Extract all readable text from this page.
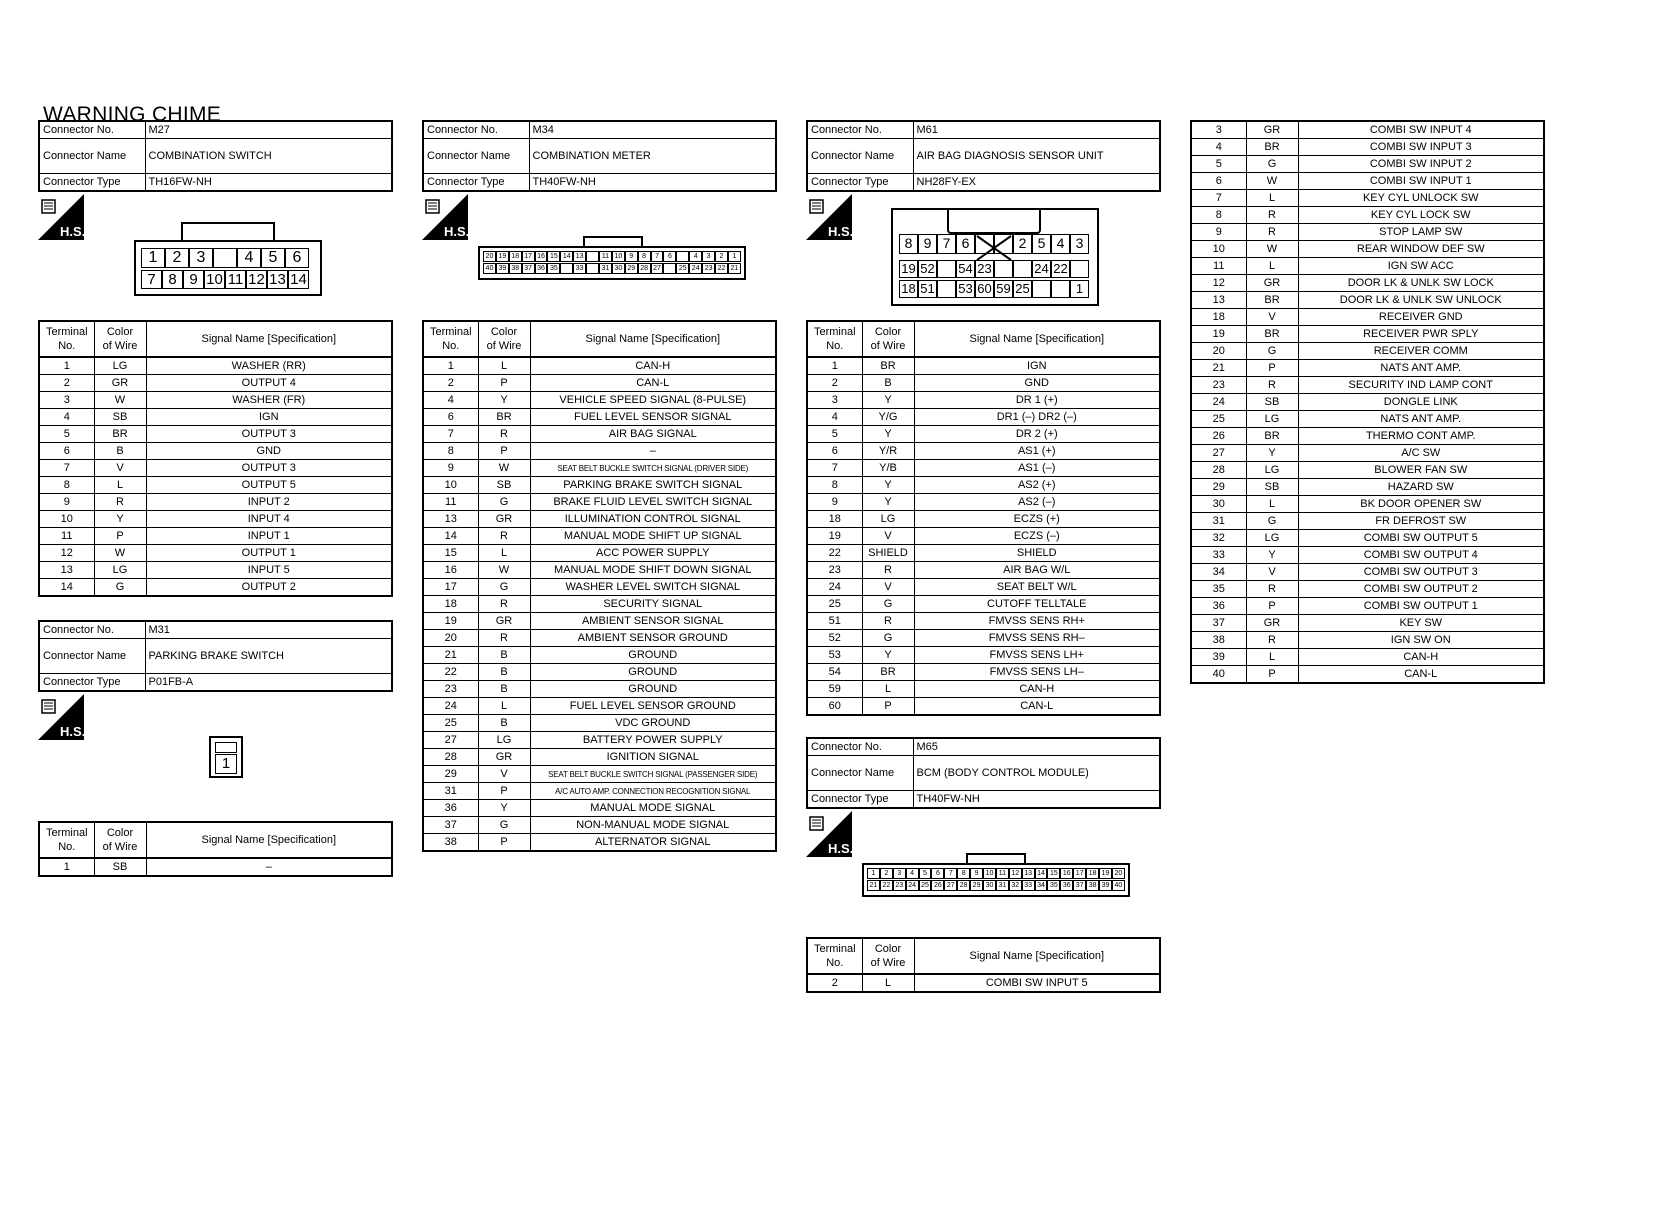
WARNING CHIME
Connector No.	M27
Connector Name	COMBINATION SWITCH
Connector Type	TH16FW-NH
H.S.
1 2 3	4 5 6
7 8 9 10 11 12 13 14
Terminal
No.	Color
of Wire	Signal Name [Specification]
1	LG	WASHER (RR)
2	GR	OUTPUT 4
3	W	WASHER (FR)
4	SB	IGN
5	BR	OUTPUT 3
6	B	GND
7	V	OUTPUT 3
8	L	OUTPUT 5
9	R	INPUT 2
10	Y	INPUT 4
11	P	INPUT 1
12	W	OUTPUT 1
13	LG	INPUT 5
14	G	OUTPUT 2
Connector No.	M31
Connector Name	PARKING BRAKE SWITCH
Connector Type	P01FB-A
H.S.
1
Terminal
No.	Color
of Wire	Signal Name [Specification]
1	SB	–
Connector No.	M34
Connector Name	COMBINATION METER
Connector Type	TH40FW-NH
H.S.
20 19 18 17 16 15 14 13	11 10	9	8	7	6	4	3	2	1
40 39 38 37 36 35	33	31 30 29 28 27	25 24 23 22 21
Terminal
No.	Color
of Wire	Signal Name [Specification]
1	L	CAN-H
2	P	CAN-L
4	Y	VEHICLE SPEED SIGNAL (8-PULSE)
6	BR	FUEL LEVEL SENSOR SIGNAL
7	R	AIR BAG SIGNAL
8	P	–
9	W	SEAT BELT BUCKLE SWITCH SIGNAL (DRIVER SIDE)
10	SB	PARKING BRAKE SWITCH SIGNAL
11	G	BRAKE FLUID LEVEL SWITCH SIGNAL
13	GR	ILLUMINATION CONTROL SIGNAL
14	R	MANUAL MODE SHIFT UP SIGNAL
15	L	ACC POWER SUPPLY
16	W	MANUAL MODE SHIFT DOWN SIGNAL
17	G	WASHER LEVEL SWITCH SIGNAL
18	R	SECURITY SIGNAL
19	GR	AMBIENT SENSOR SIGNAL
20	R	AMBIENT SENSOR GROUND
21	B	GROUND
22	B	GROUND
23	B	GROUND
24	L	FUEL LEVEL SENSOR GROUND
25	B	VDC GROUND
27	LG	BATTERY POWER SUPPLY
28	GR	IGNITION SIGNAL
29	V	SEAT BELT BUCKLE SWITCH SIGNAL (PASSENGER SIDE)
31	P	A/C AUTO AMP. CONNECTION RECOGNITION SIGNAL
36	Y	MANUAL MODE SIGNAL
37	G	NON-MANUAL MODE SIGNAL
38	P	ALTERNATOR SIGNAL
Connector No.	M61
Connector Name	AIR BAG DIAGNOSIS SENSOR UNIT
Connector Type	NH28FY-EX
H.S.
8 9 7 6	2 5 4 3
19 52 54 23	24 22
18 51 53 60 59 25	1
Terminal
No.	Color
of Wire	Signal Name [Specification]
1	BR	IGN
2	B	GND
3	Y	DR 1 (+)
4	Y/G	DR1 (–) DR2 (–)
5	Y	DR 2 (+)
6	Y/R	AS1 (+)
7	Y/B	AS1 (–)
8	Y	AS2 (+)
9	Y	AS2 (–)
18	LG	ECZS (+)
19	V	ECZS (–)
22	SHIELD	SHIELD
23	R	AIR BAG W/L
24	V	SEAT BELT W/L
25	G	CUTOFF TELLTALE
51	R	FMVSS SENS RH+
52	G	FMVSS SENS RH–
53	Y	FMVSS SENS LH+
54	BR	FMVSS SENS LH–
59	L	CAN-H
60	P	CAN-L
Connector No.	M65
Connector Name	BCM (BODY CONTROL MODULE)
Connector Type	TH40FW-NH
H.S.
1	2	3	4	5	6	7	8	9	10 11 12 13 14 15 16 17 18 19 20
21 22 23 24 25 26 27 28 29 30 31 32 33 34 35 36 37 38 39 40
Terminal
No.	Color
of Wire	Signal Name [Specification]
2	L	COMBI SW INPUT 5
3	GR	COMBI SW INPUT 4
4	BR	COMBI SW INPUT 3
5	G	COMBI SW INPUT 2
6	W	COMBI SW INPUT 1
7	L	KEY CYL UNLOCK SW
8	R	KEY CYL LOCK SW
9	R	STOP LAMP SW
10	W	REAR WINDOW DEF SW
11	L	IGN SW ACC
12	GR	DOOR LK & UNLK SW LOCK
13	BR	DOOR LK & UNLK SW UNLOCK
18	V	RECEIVER GND
19	BR	RECEIVER PWR SPLY
20	G	RECEIVER COMM
21	P	NATS ANT AMP.
23	R	SECURITY IND LAMP CONT
24	SB	DONGLE LINK
25	LG	NATS ANT AMP.
26	BR	THERMO CONT AMP.
27	Y	A/C SW
28	LG	BLOWER FAN SW
29	SB	HAZARD SW
30	L	BK DOOR OPENER SW
31	G	FR DEFROST SW
32	LG	COMBI SW OUTPUT 5
33	Y	COMBI SW OUTPUT 4
34	V	COMBI SW OUTPUT 3
35	R	COMBI SW OUTPUT 2
36	P	COMBI SW OUTPUT 1
37	GR	KEY SW
38	R	IGN SW ON
39	L	CAN-H
40	P	CAN-L
